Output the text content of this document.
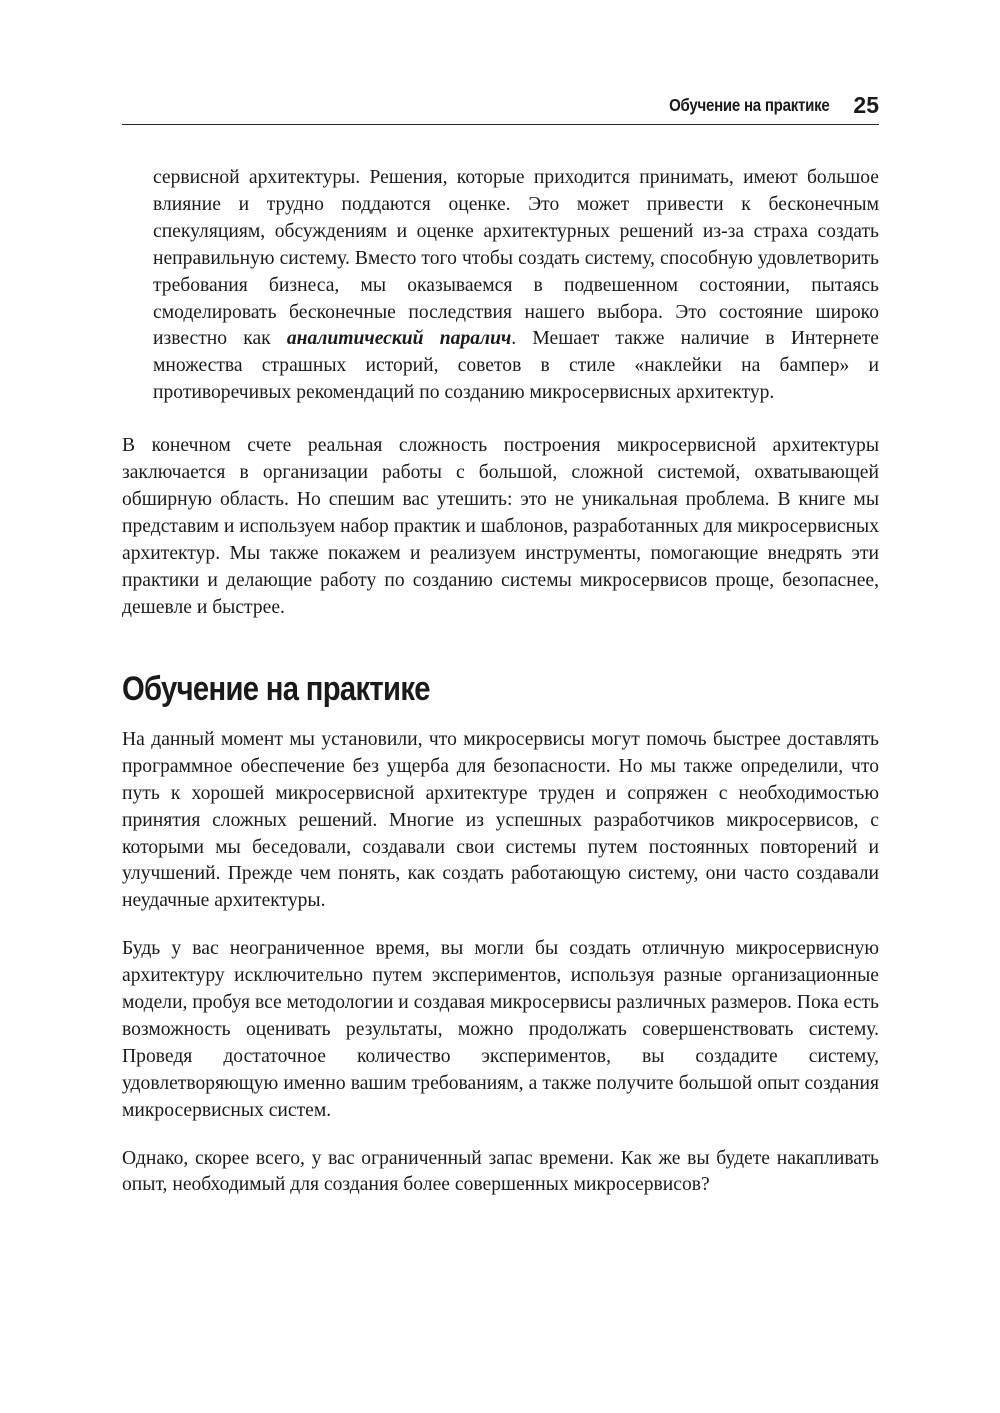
Обучение на практике 25

сервисной архитектуры. Решения, которые приходится принимать, имеют большое влияние и трудно поддаются оценке. Это может привести к бесконечным спекуляциям, обсуждениям и оценке архитектурных решений из-за страха создать неправильную систему. Вместо того чтобы создать систему, способную удовлетворить требования бизнеса, мы оказываемся в подвешенном состоянии, пытаясь смоделировать бесконечные последствия нашего выбора. Это состояние широко известно как аналитический паралич. Мешает также наличие в Интернете множества страшных историй, советов в стиле «наклейки на бампер» и противоречивых рекомендаций по созданию микросервисных архитектур.

В конечном счете реальная сложность построения микросервисной архитектуры заключается в организации работы с большой, сложной системой, охватывающей обширную область. Но спешим вас утешить: это не уникальная проблема. В книге мы представим и используем набор практик и шаблонов, разработанных для микросервисных архитектур. Мы также покажем и реализуем инструменты, помогающие внедрять эти практики и делающие работу по созданию системы микросервисов проще, безопаснее, дешевле и быстрее.

Обучение на практике

На данный момент мы установили, что микросервисы могут помочь быстрее доставлять программное обеспечение без ущерба для безопасности. Но мы также определили, что путь к хорошей микросервисной архитектуре труден и сопряжен с необходимостью принятия сложных решений. Многие из успешных разработчиков микросервисов, с которыми мы беседовали, создавали свои системы путем постоянных повторений и улучшений. Прежде чем понять, как создать работающую систему, они часто создавали неудачные архитектуры.

Будь у вас неограниченное время, вы могли бы создать отличную микросервисную архитектуру исключительно путем экспериментов, используя разные организационные модели, пробуя все методологии и создавая микросервисы различных размеров. Пока есть возможность оценивать результаты, можно продолжать совершенствовать систему. Проведя достаточное количество экспериментов, вы создадите систему, удовлетворяющую именно вашим требованиям, а также получите большой опыт создания микросервисных систем.

Однако, скорее всего, у вас ограниченный запас времени. Как же вы будете накапливать опыт, необходимый для создания более совершенных микросервисов?
